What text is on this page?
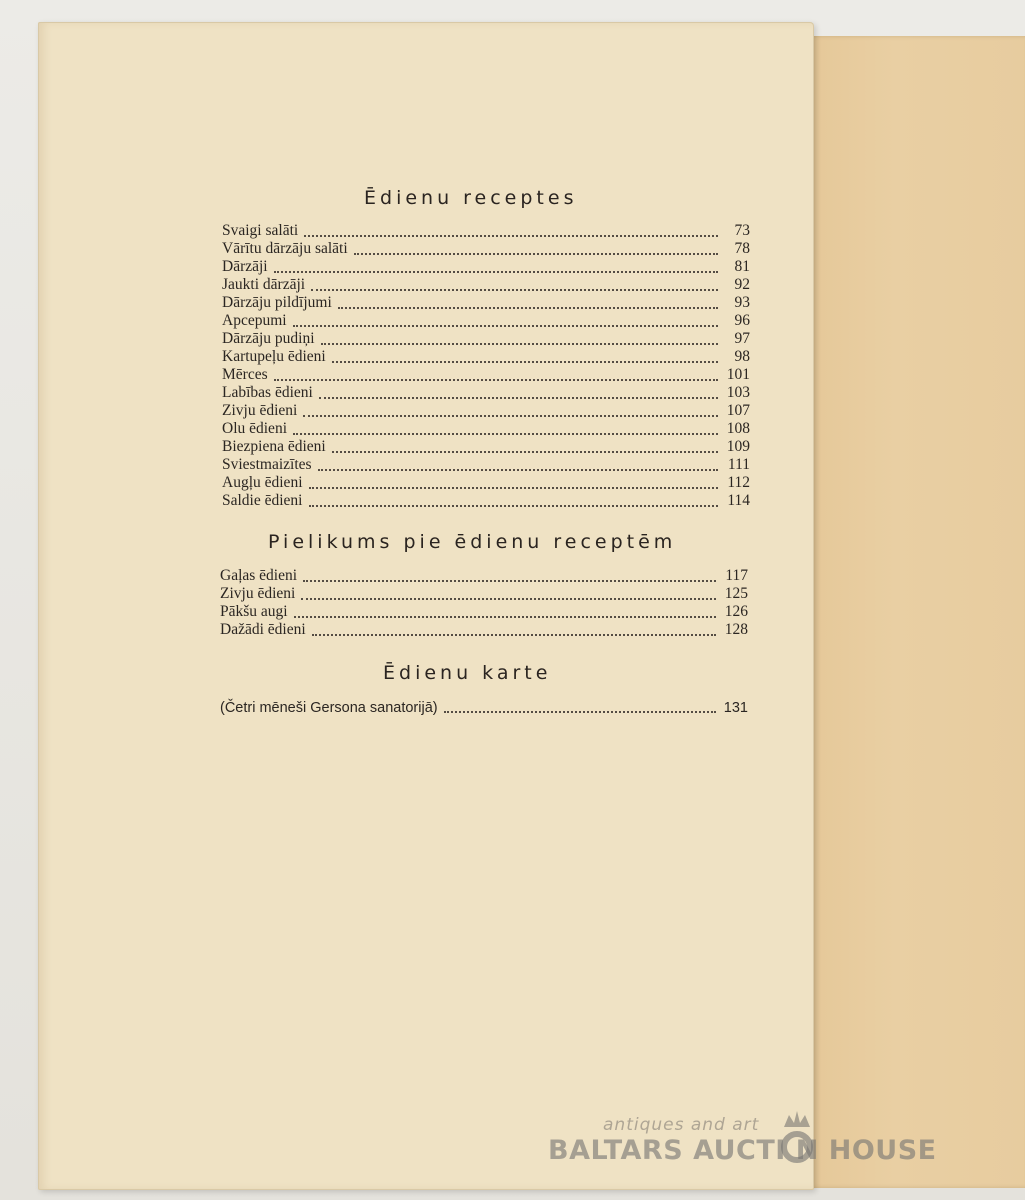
Ēdienu receptes
Svaigi salāti	73
Vārītu dārzāju salāti	78
Dārzāji	81
Jaukti dārzāji	92
Dārzāju pildījumi	93
Apcepumi	96
Dārzāju pudiņi	97
Kartupeļu ēdieni	98
Mērces	101
Labības ēdieni	103
Zivju ēdieni	107
Olu ēdieni	108
Biezpiena ēdieni	109
Sviestmaizītes	111
Augļu ēdieni	112
Saldie ēdieni	114
Pielikums pie ēdienu receptēm
Gaļas ēdieni	117
Zivju ēdieni	125
Pākšu augi	126
Dažādi ēdieni	128
Ēdienu karte
(Četri mēneši Gersona sanatorijā)	131
antiques and art
BALTARS AUCTI N HOUSE
